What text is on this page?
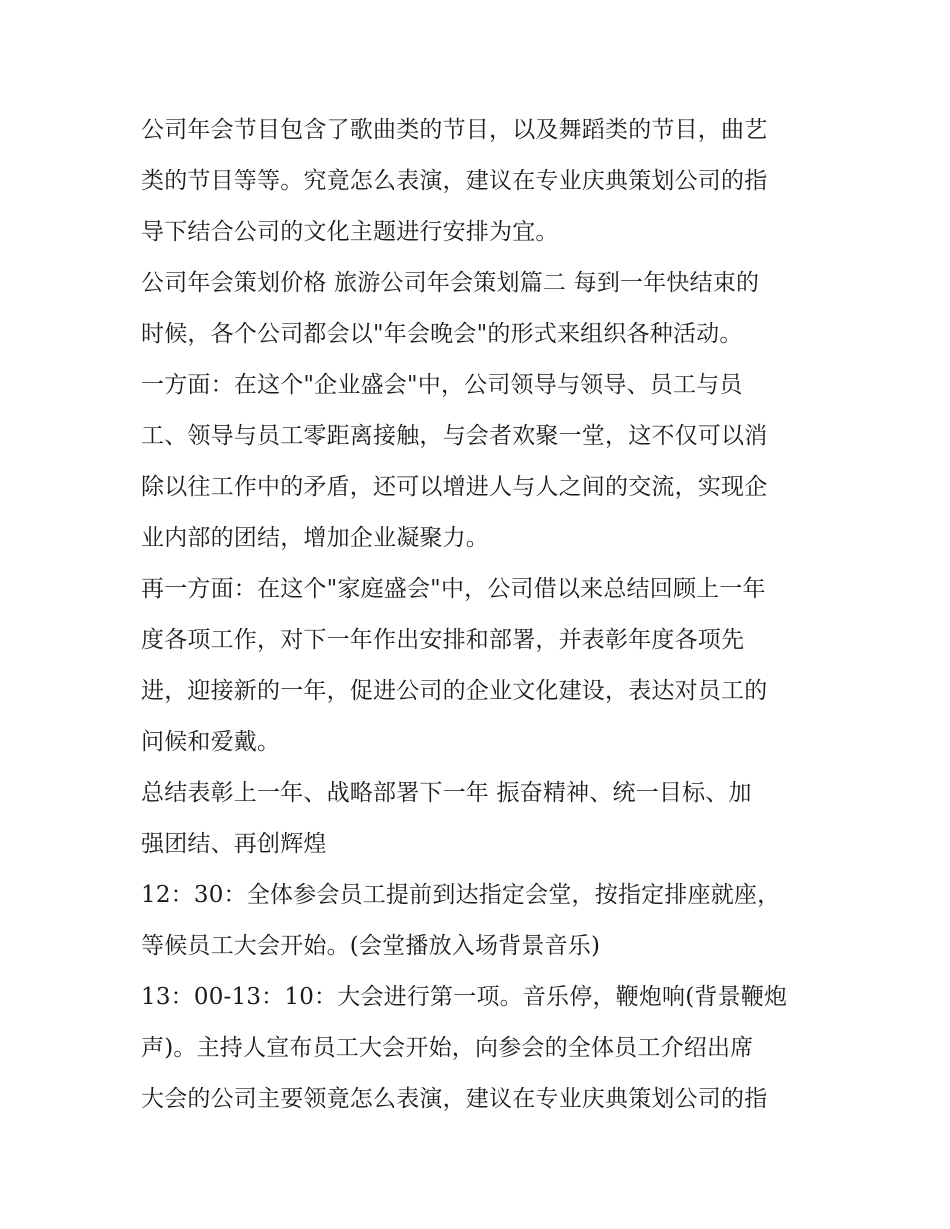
公司年会节目包含了歌曲类的节目，以及舞蹈类的节目，曲艺
类的节目等等。究竟怎么表演，建议在专业庆典策划公司的指
导下结合公司的文化主题进行安排为宜。
公司年会策划价格 旅游公司年会策划篇二 每到一年快结束的
时候，各个公司都会以"年会晚会"的形式来组织各种活动。
一方面：在这个"企业盛会"中，公司领导与领导、员工与员
工、领导与员工零距离接触，与会者欢聚一堂，这不仅可以消
除以往工作中的矛盾，还可以增进人与人之间的交流，实现企
业内部的团结，增加企业凝聚力。
再一方面：在这个"家庭盛会"中，公司借以来总结回顾上一年
度各项工作，对下一年作出安排和部署，并表彰年度各项先
进，迎接新的一年，促进公司的企业文化建设，表达对员工的
问候和爱戴。
总结表彰上一年、战略部署下一年 振奋精神、统一目标、加
强团结、再创辉煌
12：30：全体参会员工提前到达指定会堂，按指定排座就座，
等候员工大会开始。(会堂播放入场背景音乐)
13：00-13：10：大会进行第一项。音乐停，鞭炮响(背景鞭炮
声)。主持人宣布员工大会开始，向参会的全体员工介绍出席
大会的公司主要领竟怎么表演，建议在专业庆典策划公司的指
